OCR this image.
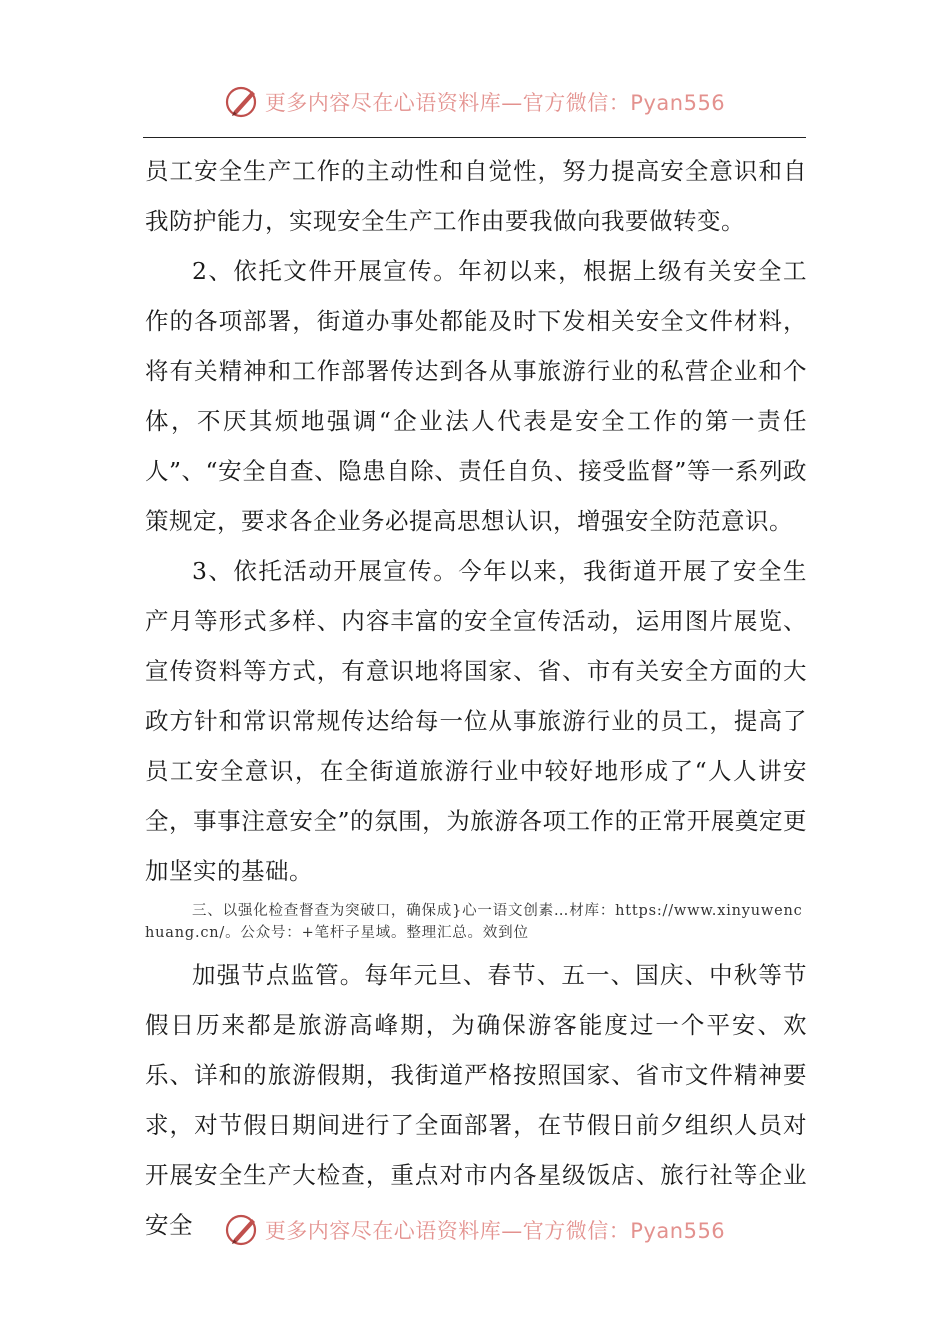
更多内容尽在心语资料库—官方微信：Pyan556

员工安全生产工作的主动性和自觉性，努力提高安全意识和自我防护能力，实现安全生产工作由要我做向我要做转变。

2、依托文件开展宣传。年初以来，根据上级有关安全工作的各项部署，街道办事处都能及时下发相关安全文件材料，将有关精神和工作部署传达到各从事旅游行业的私营企业和个体，不厌其烦地强调“企业法人代表是安全工作的第一责任人”、“安全自查、隐患自除、责任自负、接受监督”等一系列政策规定，要求各企业务必提高思想认识，增强安全防范意识。

3、依托活动开展宣传。今年以来，我街道开展了安全生产月等形式多样、内容丰富的安全宣传活动，运用图片展览、宣传资料等方式，有意识地将国家、省、市有关安全方面的大政方针和常识常规传达给每一位从事旅游行业的员工，提高了员工安全意识，在全街道旅游行业中较好地形成了“人人讲安全，事事注意安全”的氛围，为旅游各项工作的正常开展奠定更加坚实的基础。

三、以强化检查督查为突破口，确保成}心一语文创素…材库：https://www.xinyuwenchuang.cn/。公众号：+笔杆子星域。整理汇总。效到位

加强节点监管。每年元旦、春节、五一、国庆、中秋等节假日历来都是旅游高峰期，为确保游客能度过一个平安、欢乐、详和的旅游假期，我街道严格按照国家、省市文件精神要求，对节假日期间进行了全面部署，在节假日前夕组织人员对开展安全生产大检查，重点对市内各星级饭店、旅行社等企业安全	更多内容尽在心语资料库—官方微信：Pyan556
